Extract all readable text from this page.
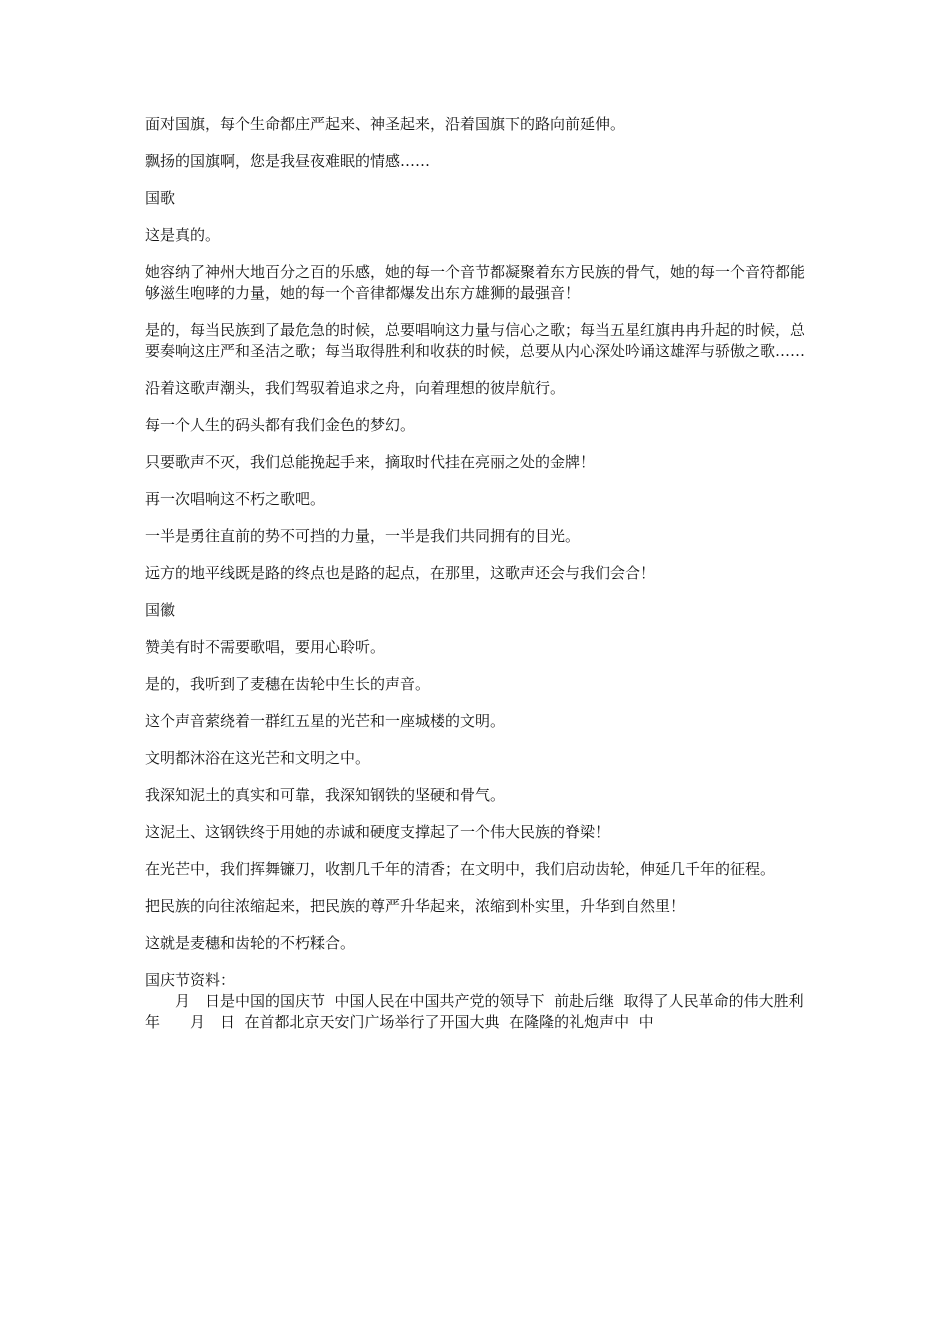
面对国旗，每个生命都庄严起来、神圣起来，沿着国旗下的路向前延伸。

飘扬的国旗啊，您是我昼夜难眠的情感……

国歌

这是真的。

她容纳了神州大地百分之百的乐感，她的每一个音节都凝聚着东方民族的骨气，她的每一个音符都能够滋生咆哮的力量，她的每一个音律都爆发出东方雄狮的最强音！

是的，每当民族到了最危急的时候，总要唱响这力量与信心之歌；每当五星红旗冉冉升起的时候，总要奏响这庄严和圣洁之歌；每当取得胜利和收获的时候，总要从内心深处吟诵这雄浑与骄傲之歌……

沿着这歌声潮头，我们驾驭着追求之舟，向着理想的彼岸航行。

每一个人生的码头都有我们金色的梦幻。

只要歌声不灭，我们总能挽起手来，摘取时代挂在亮丽之处的金牌！

再一次唱响这不朽之歌吧。

一半是勇往直前的势不可挡的力量，一半是我们共同拥有的目光。

远方的地平线既是路的终点也是路的起点，在那里，这歌声还会与我们会合！

国徽

赞美有时不需要歌唱，要用心聆听。

是的，我听到了麦穗在齿轮中生长的声音。

这个声音萦绕着一群红五星的光芒和一座城楼的文明。

文明都沐浴在这光芒和文明之中。

我深知泥土的真实和可靠，我深知钢铁的坚硬和骨气。

这泥土、这钢铁终于用她的赤诚和硬度支撑起了一个伟大民族的脊梁！

在光芒中，我们挥舞镰刀，收割几千年的清香；在文明中，我们启动齿轮，伸延几千年的征程。

把民族的向往浓缩起来，把民族的尊严升华起来，浓缩到朴实里，升华到自然里！

这就是麦穗和齿轮的不朽糅合。

国庆节资料：

　　月　日是中国的国庆节  中国人民在中国共产党的领导下  前赴后继  取得了人民革命的伟大胜利　　　　年　　月　日  在首都北京天安门广场举行了开国大典  在隆隆的礼炮声中  中
